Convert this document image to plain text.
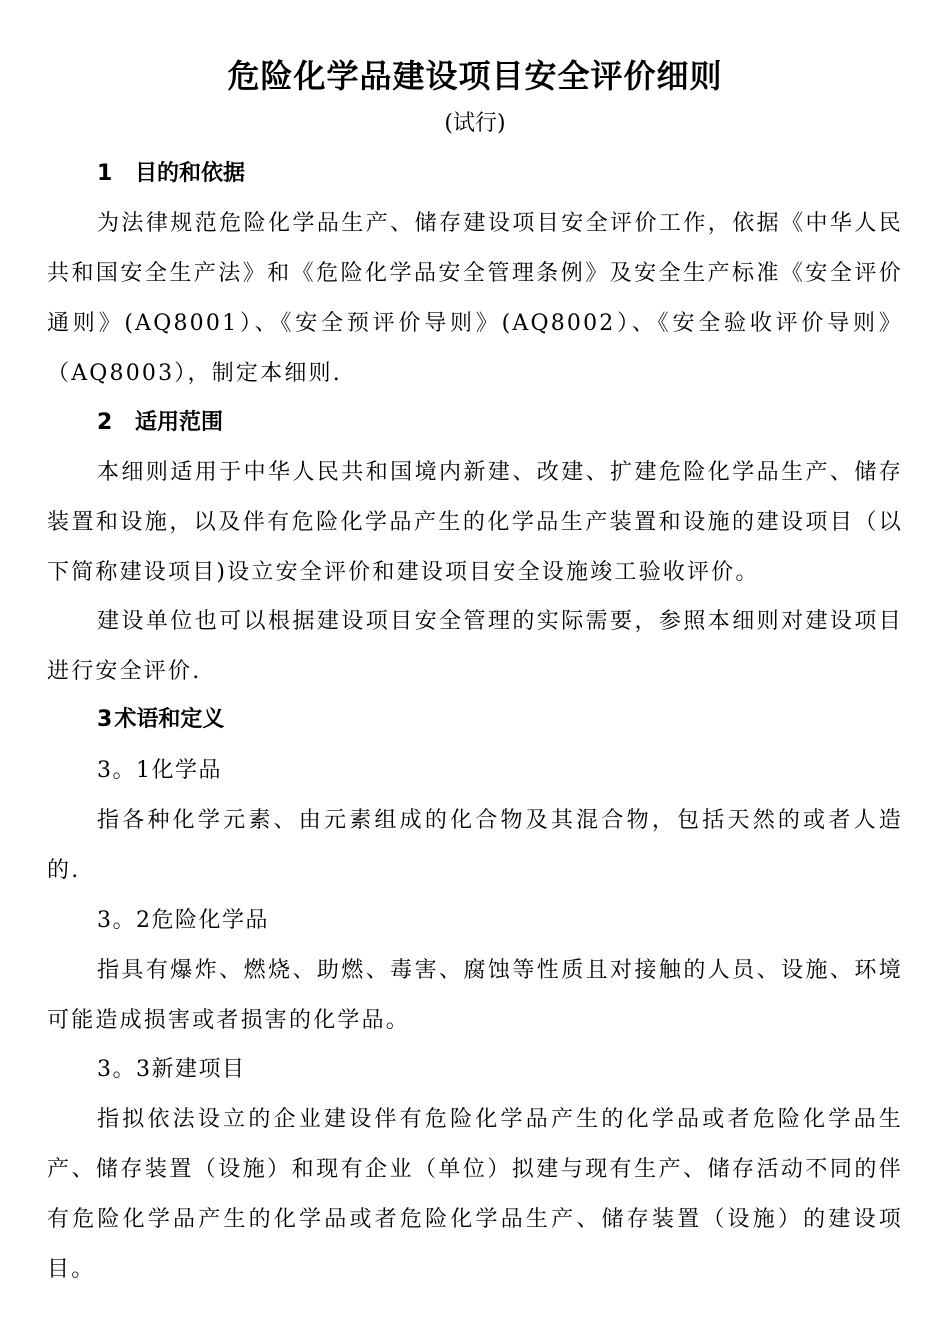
危险化学品建设项目安全评价细则
(试行)
1 目的和依据

为法律规范危险化学品生产、储存建设项目安全评价工作，依据《中华人民共和国安全生产法》和《危险化学品安全管理条例》及安全生产标准《安全评价通则》(AQ8001）、《安全预评价导则》(AQ8002）、《安全验收评价导则》（AQ8003），制定本细则.

2 适用范围

本细则适用于中华人民共和国境内新建、改建、扩建危险化学品生产、储存装置和设施，以及伴有危险化学品产生的化学品生产装置和设施的建设项目（以下简称建设项目)设立安全评价和建设项目安全设施竣工验收评价。

建设单位也可以根据建设项目安全管理的实际需要，参照本细则对建设项目进行安全评价.

3术语和定义
3。1化学品

指各种化学元素、由元素组成的化合物及其混合物，包括天然的或者人造的.

3。2危险化学品

指具有爆炸、燃烧、助燃、毒害、腐蚀等性质且对接触的人员、设施、环境可能造成损害或者损害的化学品。

3。3新建项目

指拟依法设立的企业建设伴有危险化学品产生的化学品或者危险化学品生产、储存装置（设施）和现有企业（单位）拟建与现有生产、储存活动不同的伴有危险化学品产生的化学品或者危险化学品生产、储存装置（设施）的建设项目。
